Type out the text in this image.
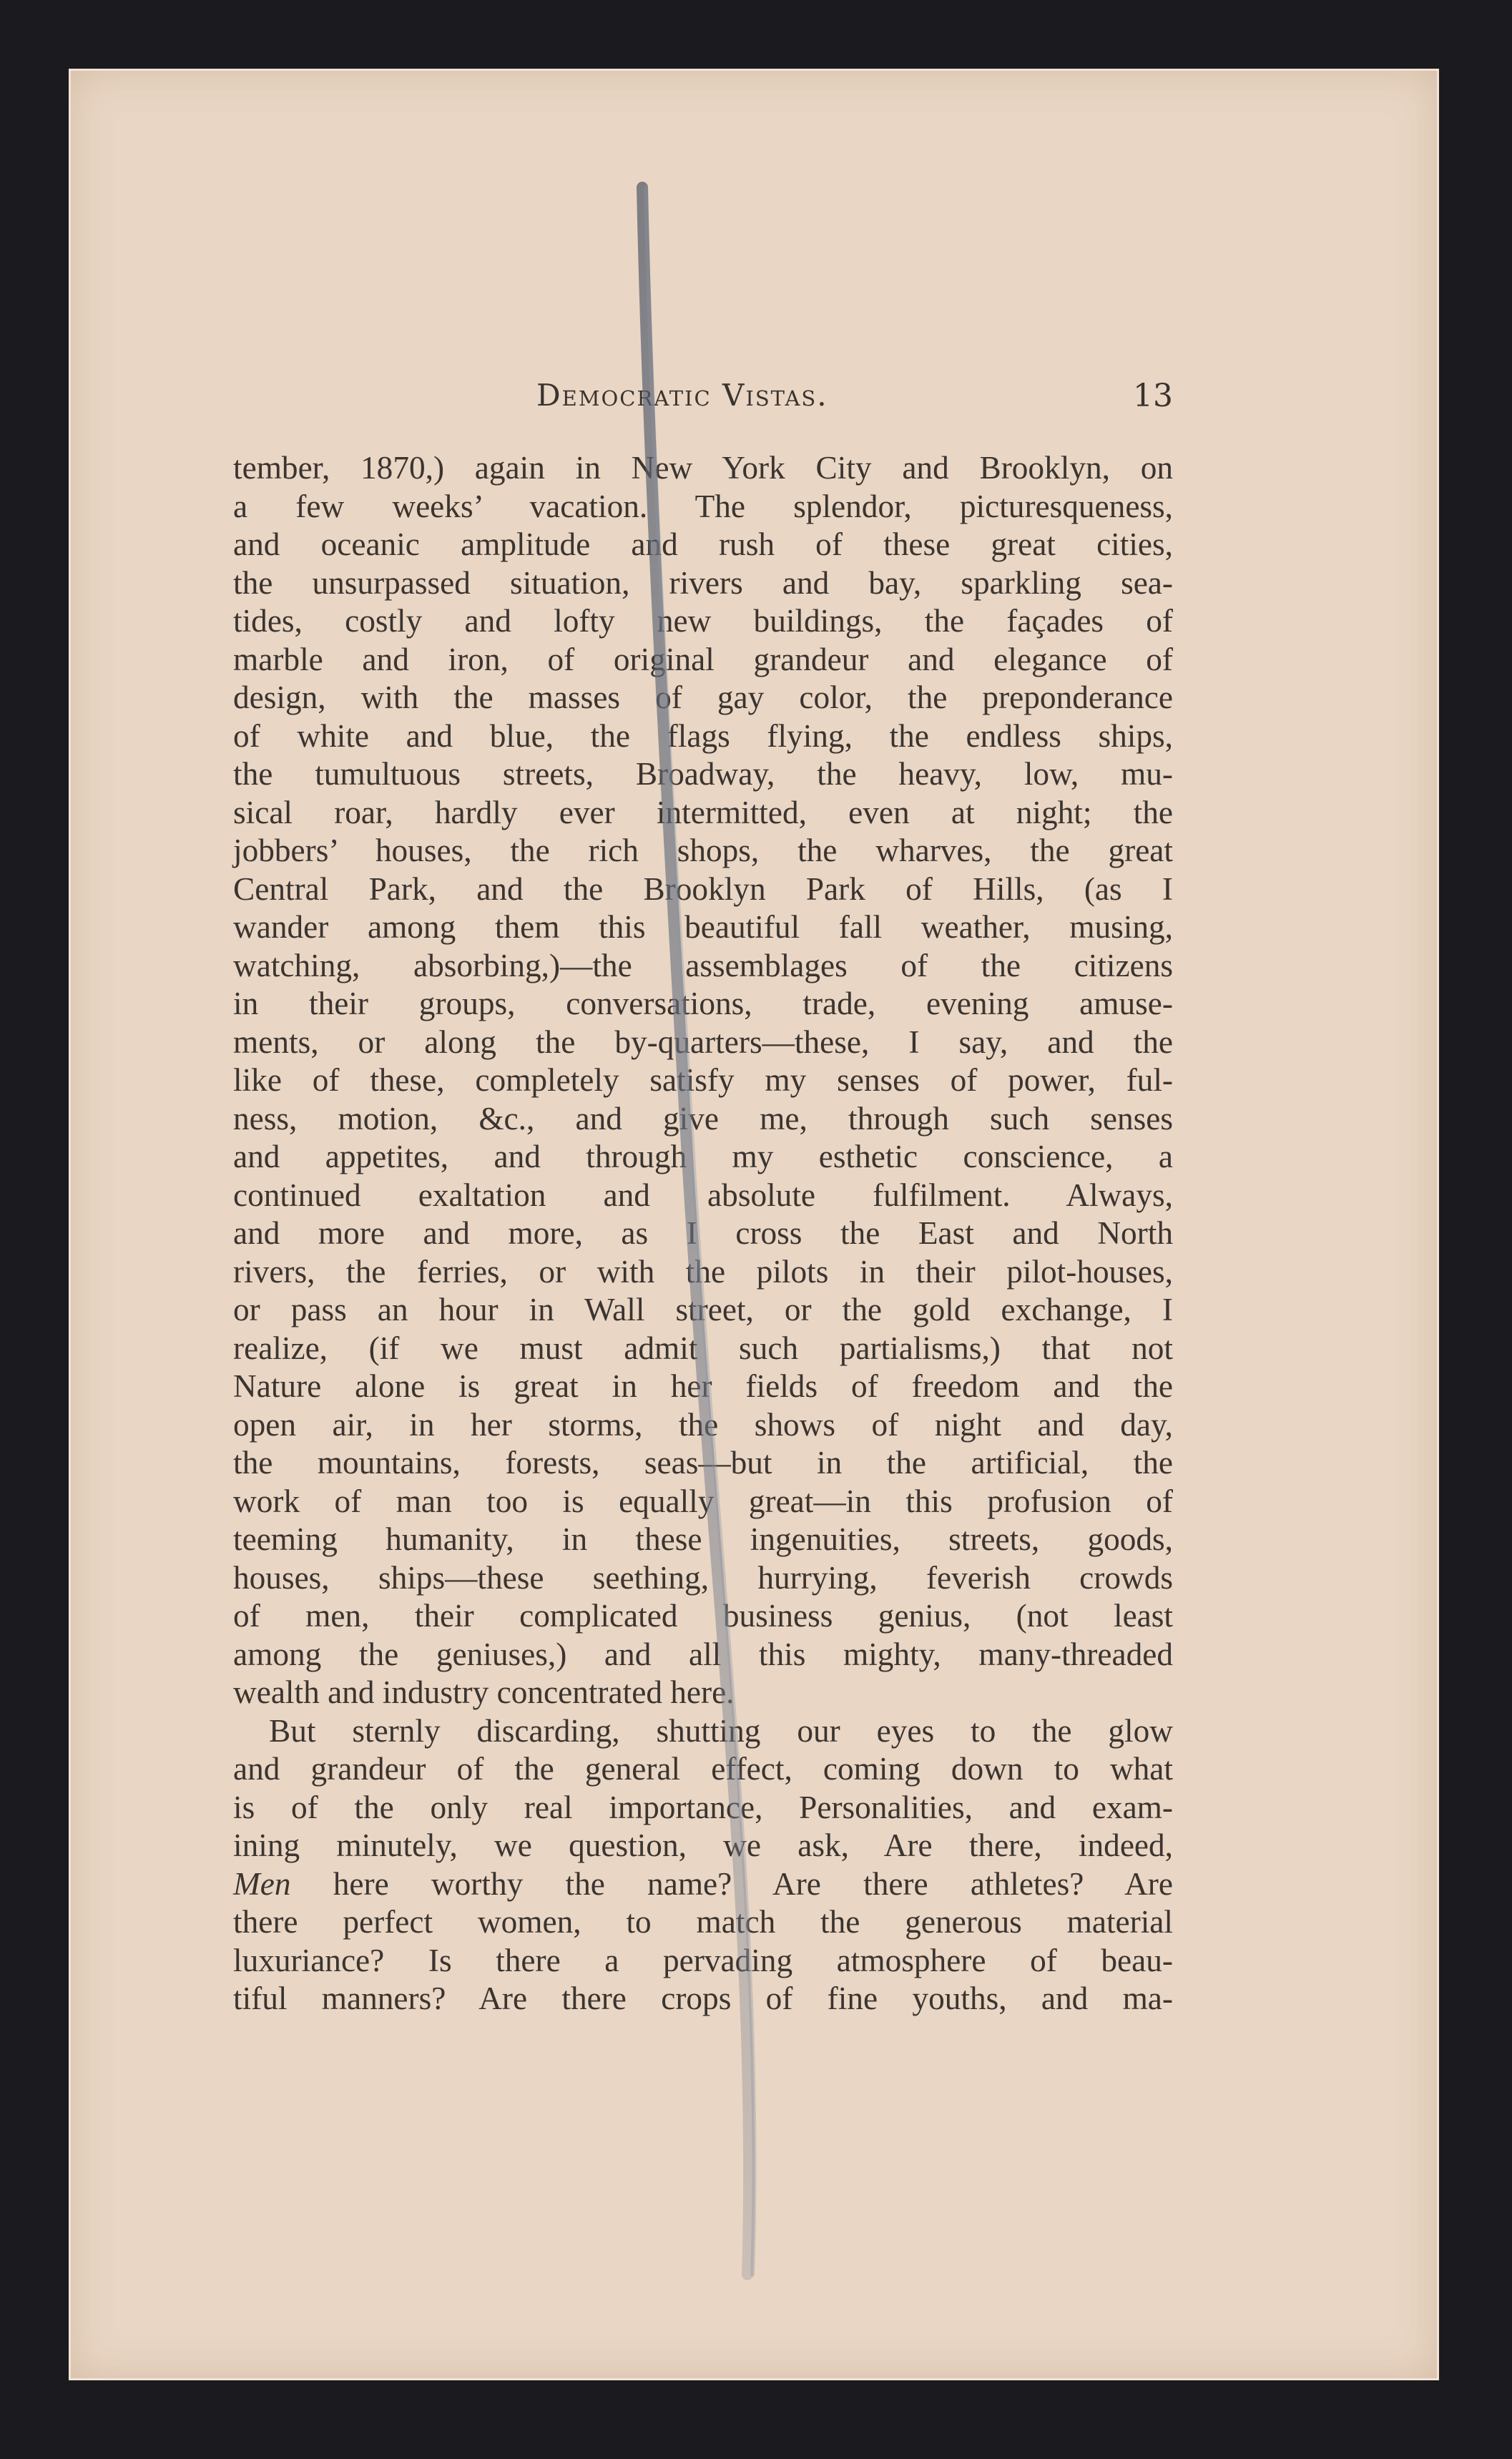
Democratic Vistas.	13
tember, 1870,) again in New York City and Brooklyn, on
a few weeks’ vacation. The splendor, picturesqueness,
and oceanic amplitude and rush of these great cities,
the unsurpassed situation, rivers and bay, sparkling sea-
tides, costly and lofty new buildings, the façades of
marble and iron, of original grandeur and elegance of
design, with the masses of gay color, the preponderance
of white and blue, the flags flying, the endless ships,
the tumultuous streets, Broadway, the heavy, low, mu-
sical roar, hardly ever intermitted, even at night; the
jobbers’ houses, the rich shops, the wharves, the great
Central Park, and the Brooklyn Park of Hills, (as I
wander among them this beautiful fall weather, musing,
watching, absorbing,)—the assemblages of the citizens
in their groups, conversations, trade, evening amuse-
ments, or along the by-quarters—these, I say, and the
like of these, completely satisfy my senses of power, ful-
ness, motion, &c., and give me, through such senses
and appetites, and through my esthetic conscience, a
continued exaltation and absolute fulfilment. Always,
and more and more, as I cross the East and North
rivers, the ferries, or with the pilots in their pilot-houses,
or pass an hour in Wall street, or the gold exchange, I
realize, (if we must admit such partialisms,) that not
Nature alone is great in her fields of freedom and the
open air, in her storms, the shows of night and day,
the mountains, forests, seas—but in the artificial, the
work of man too is equally great—in this profusion of
teeming humanity, in these ingenuities, streets, goods,
houses, ships—these seething, hurrying, feverish crowds
of men, their complicated business genius, (not least
among the geniuses,) and all this mighty, many-threaded
wealth and industry concentrated here.
But sternly discarding, shutting our eyes to the glow
and grandeur of the general effect, coming down to what
is of the only real importance, Personalities, and exam-
ining minutely, we question, we ask, Are there, indeed,
Men here worthy the name? Are there athletes? Are
there perfect women, to match the generous material
luxuriance? Is there a pervading atmosphere of beau-
tiful manners? Are there crops of fine youths, and ma-
